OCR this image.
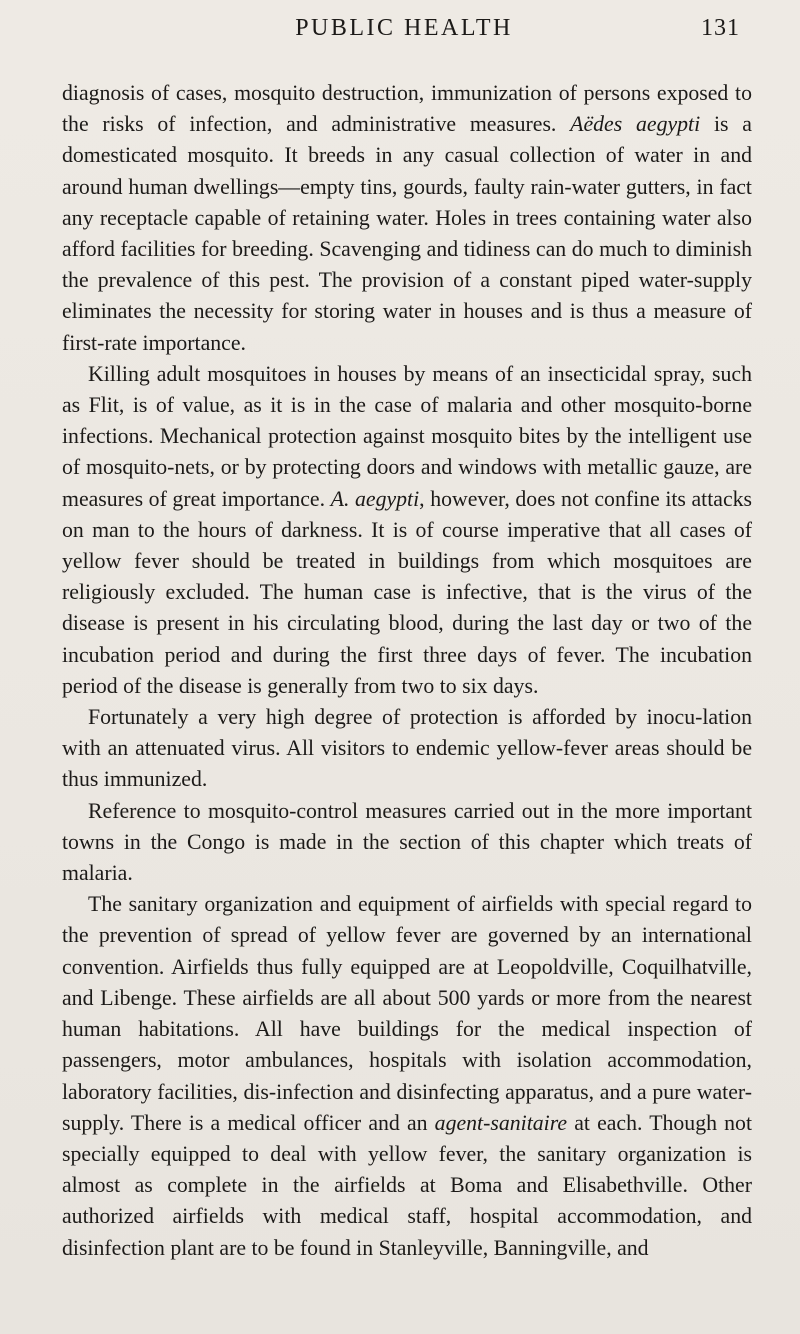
PUBLIC HEALTH	131

diagnosis of cases, mosquito destruction, immunization of persons exposed to the risks of infection, and administrative measures. Aëdes aegypti is a domesticated mosquito. It breeds in any casual collection of water in and around human dwellings—empty tins, gourds, faulty rain-water gutters, in fact any receptacle capable of retaining water. Holes in trees containing water also afford facilities for breeding. Scavenging and tidiness can do much to diminish the prevalence of this pest. The provision of a constant piped water-supply eliminates the necessity for storing water in houses and is thus a measure of first-rate importance.

Killing adult mosquitoes in houses by means of an insecticidal spray, such as Flit, is of value, as it is in the case of malaria and other mosquito-borne infections. Mechanical protection against mosquito bites by the intelligent use of mosquito-nets, or by protecting doors and windows with metallic gauze, are measures of great importance. A. aegypti, however, does not confine its attacks on man to the hours of darkness. It is of course imperative that all cases of yellow fever should be treated in buildings from which mosquitoes are religiously excluded. The human case is infective, that is the virus of the disease is present in his circulating blood, during the last day or two of the incubation period and during the first three days of fever. The incubation period of the disease is generally from two to six days.

Fortunately a very high degree of protection is afforded by inocu-lation with an attenuated virus. All visitors to endemic yellow-fever areas should be thus immunized.

Reference to mosquito-control measures carried out in the more important towns in the Congo is made in the section of this chapter which treats of malaria.

The sanitary organization and equipment of airfields with special regard to the prevention of spread of yellow fever are governed by an international convention. Airfields thus fully equipped are at Leopoldville, Coquilhatville, and Libenge. These airfields are all about 500 yards or more from the nearest human habitations. All have buildings for the medical inspection of passengers, motor ambulances, hospitals with isolation accommodation, laboratory facilities, dis-infection and disinfecting apparatus, and a pure water-supply. There is a medical officer and an agent-sanitaire at each. Though not specially equipped to deal with yellow fever, the sanitary organization is almost as complete in the airfields at Boma and Elisabethville. Other authorized airfields with medical staff, hospital accommodation, and disinfection plant are to be found in Stanleyville, Banningville, and
